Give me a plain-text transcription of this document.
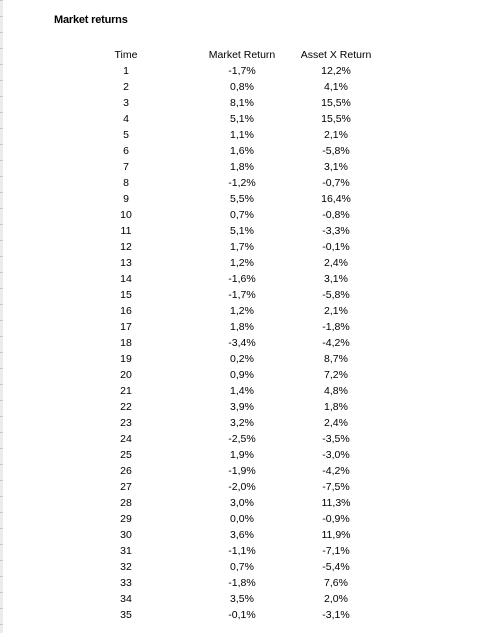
Market returns
Time	Market Return	Asset X Return
1	-1,7%	12,2%
2	0,8%	4,1%
3	8,1%	15,5%
4	5,1%	15,5%
5	1,1%	2,1%
6	1,6%	-5,8%
7	1,8%	3,1%
8	-1,2%	-0,7%
9	5,5%	16,4%
10	0,7%	-0,8%
11	5,1%	-3,3%
12	1,7%	-0,1%
13	1,2%	2,4%
14	-1,6%	3,1%
15	-1,7%	-5,8%
16	1,2%	2,1%
17	1,8%	-1,8%
18	-3,4%	-4,2%
19	0,2%	8,7%
20	0,9%	7,2%
21	1,4%	4,8%
22	3,9%	1,8%
23	3,2%	2,4%
24	-2,5%	-3,5%
25	1,9%	-3,0%
26	-1,9%	-4,2%
27	-2,0%	-7,5%
28	3,0%	11,3%
29	0,0%	-0,9%
30	3,6%	11,9%
31	-1,1%	-7,1%
32	0,7%	-5,4%
33	-1,8%	7,6%
34	3,5%	2,0%
35	-0,1%	-3,1%
